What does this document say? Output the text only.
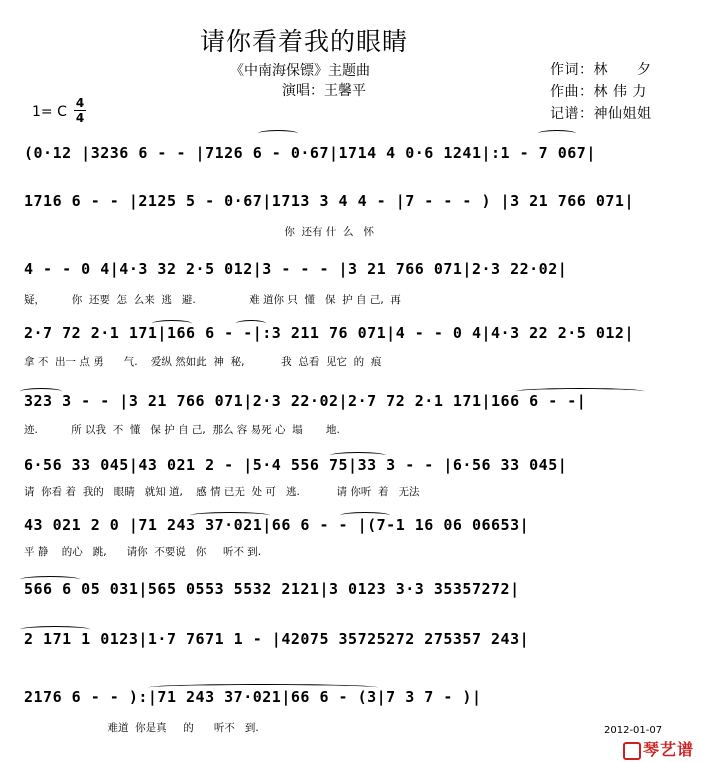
请你看着我的眼睛
《中南海保镖》主题曲
演唱：王馨平
作词：林　　夕
作曲：林 伟 力
记谱：神仙姐姐
1= C
4
4
(0·12 |3236 6 - - |7126 6 - 0·67|1714 4 0·6 1241|:1 - 7 067|
1716 6 - - |2125 5 - 0·67|1713 3 4 4 - |7 - - - ) |3 21 766 071|
你  还有 什  么   怀
4 - - 0 4|4·3 32 2·5 012|3 - - - |3 21 766 071|2·3 22·02|
疑，        你  还要  怎  么来  逃   避.                难 道你 只  懂   保  护 自 己,  再
2·7 72 2·1 171|166 6 - -|:3 211 76 071|4 - - 0 4|4·3 22 2·5 012|
拿 不  出一 点 勇      气.    爱纵 然如此  神  秘,           我  总看  见它  的  痕
323 3 - - |3 21 766 071|2·3 22·02|2·7 72 2·1 171|166 6 - -|
迹.          所 以我  不  懂   保 护 自 己,  那么 容 易死 心  塌       地.
6·56 33 045|43 021 2 - |5·4 556 75|33 3 - - |6·56 33 045|
请  你看 着  我的   眼睛   就知 道,    感 情 已无  处 可   逃.           请 你听  着   无法
43 021 2 0 |71 243 37·021|66 6 - - |(7-1 16 06 06653|
平 静    的心   跳,      请你  不要说   你     听不 到.
566 6 05 031|565 0553 5532 2121|3 0123 3·3 35357272|
2 171 1 0123|1·7 7671 1 - |42075 35725272 275357 243|
2176 6 - - ):|71 243 37·021|66 6 - (3|7 3 7 - )|
难道  你是真     的      听不   到.	2012-01-07
琴艺谱
